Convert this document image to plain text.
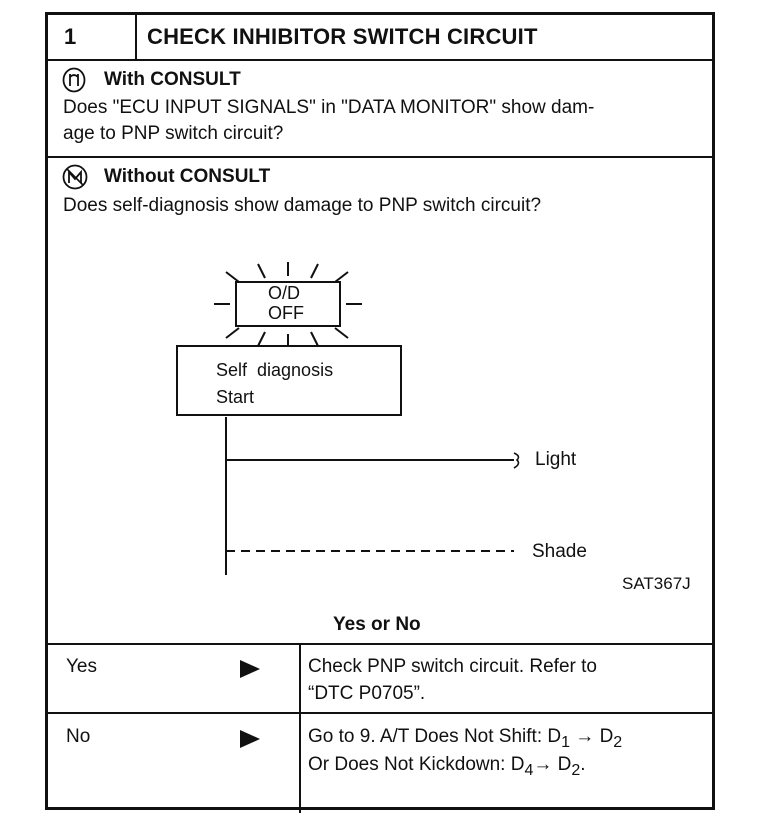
1	CHECK INHIBITOR SWITCH CIRCUIT
With CONSULT
Does "ECU INPUT SIGNALS" in "DATA MONITOR" show dam-
age to PNP switch circuit?
Without CONSULT
Does self-diagnosis show damage to PNP switch circuit?
O/D
OFF
Self  diagnosis
Start
Light
Shade
SAT367J
Yes or No
Yes	Check PNP switch circuit. Refer to
“DTC P0705”.
No	Go to 9. A/T Does Not Shift: $D_1 \to D_2$
Or Does Not Kickdown: $D_4\to D_2$.
